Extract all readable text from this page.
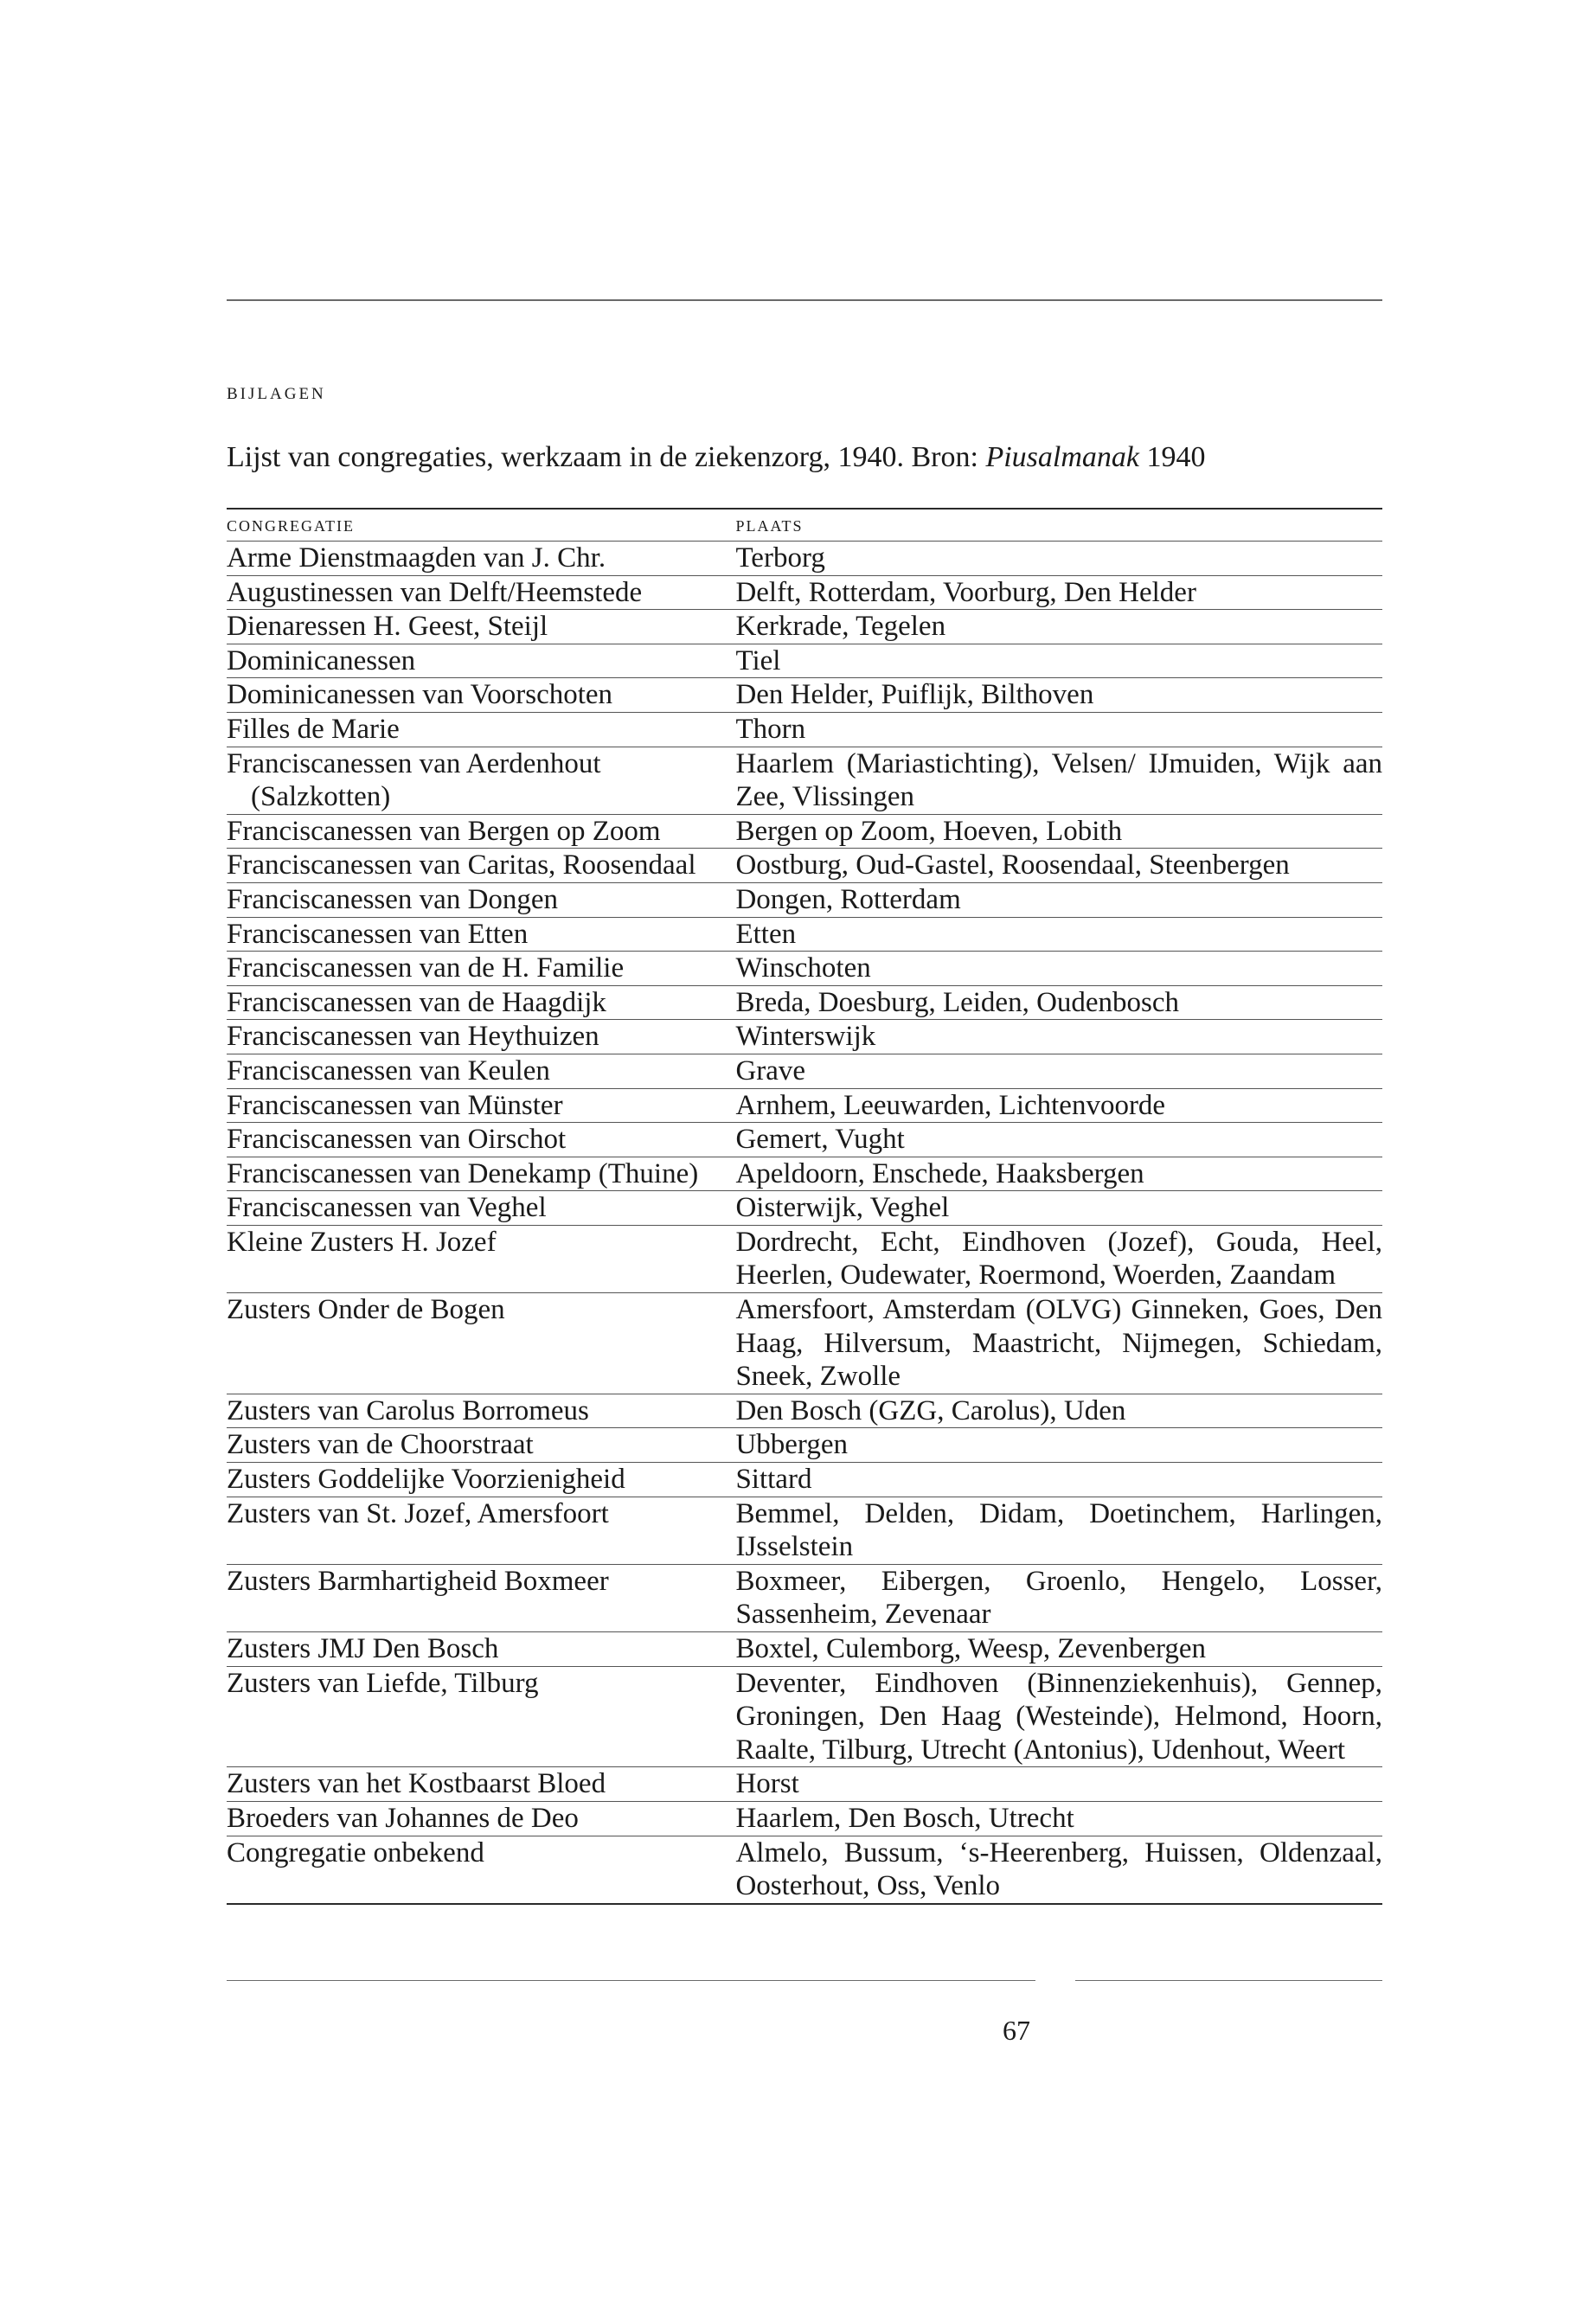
bijlagen
Lijst van congregaties, werkzaam in de ziekenzorg, 1940. Bron: Piusalmanak 1940
congregatie	plaats
Arme Dienstmaagden van J. Chr.	Terborg
Augustinessen van Delft/Heemstede	Delft, Rotterdam, Voorburg, Den Helder
Dienaressen H. Geest, Steijl	Kerkrade, Tegelen
Dominicanessen	Tiel
Dominicanessen van Voorschoten	Den Helder, Puiflijk, Bilthoven
Filles de Marie	Thorn
Franciscanessen van Aerdenhout (Salzkotten)	Haarlem (Mariastichting), Velsen/ IJmuiden, Wijk aan Zee, Vlissingen
Franciscanessen van Bergen op Zoom	Bergen op Zoom, Hoeven, Lobith
Franciscanessen van Caritas, Roosendaal	Oostburg, Oud-Gastel, Roosendaal, Steenbergen
Franciscanessen van Dongen	Dongen, Rotterdam
Franciscanessen van Etten	Etten
Franciscanessen van de H. Familie	Winschoten
Franciscanessen van de Haagdijk	Breda, Doesburg, Leiden, Oudenbosch
Franciscanessen van Heythuizen	Winterswijk
Franciscanessen van Keulen	Grave
Franciscanessen van Münster	Arnhem, Leeuwarden, Lichtenvoorde
Franciscanessen van Oirschot	Gemert, Vught
Franciscanessen van Denekamp (Thuine)	Apeldoorn, Enschede, Haaksbergen
Franciscanessen van Veghel	Oisterwijk, Veghel
Kleine Zusters H. Jozef	Dordrecht, Echt, Eindhoven (Jozef), Gouda, Heel, Heerlen, Oudewater, Roermond, Woerden, Zaandam
Zusters Onder de Bogen	Amersfoort, Amsterdam (OLVG) Ginneken, Goes, Den Haag, Hilversum, Maastricht, Nijmegen, Schiedam, Sneek, Zwolle
Zusters van Carolus Borromeus	Den Bosch (GZG, Carolus), Uden
Zusters van de Choorstraat	Ubbergen
Zusters Goddelijke Voorzienigheid	Sittard
Zusters van St. Jozef, Amersfoort	Bemmel, Delden, Didam, Doetinchem, Harlingen, IJsselstein
Zusters Barmhartigheid Boxmeer	Boxmeer, Eibergen, Groenlo, Hengelo, Losser, Sassenheim, Zevenaar
Zusters JMJ Den Bosch	Boxtel, Culemborg, Weesp, Zevenbergen
Zusters van Liefde, Tilburg	Deventer, Eindhoven (Binnenziekenhuis), Gennep, Groningen, Den Haag (Westeinde), Helmond, Hoorn, Raalte, Tilburg, Utrecht (Antonius), Udenhout, Weert
Zusters van het Kostbaarst Bloed	Horst
Broeders van Johannes de Deo	Haarlem, Den Bosch, Utrecht
Congregatie onbekend	Almelo, Bussum, ‘s-Heerenberg, Huissen, Oldenzaal, Oosterhout, Oss, Venlo
67
